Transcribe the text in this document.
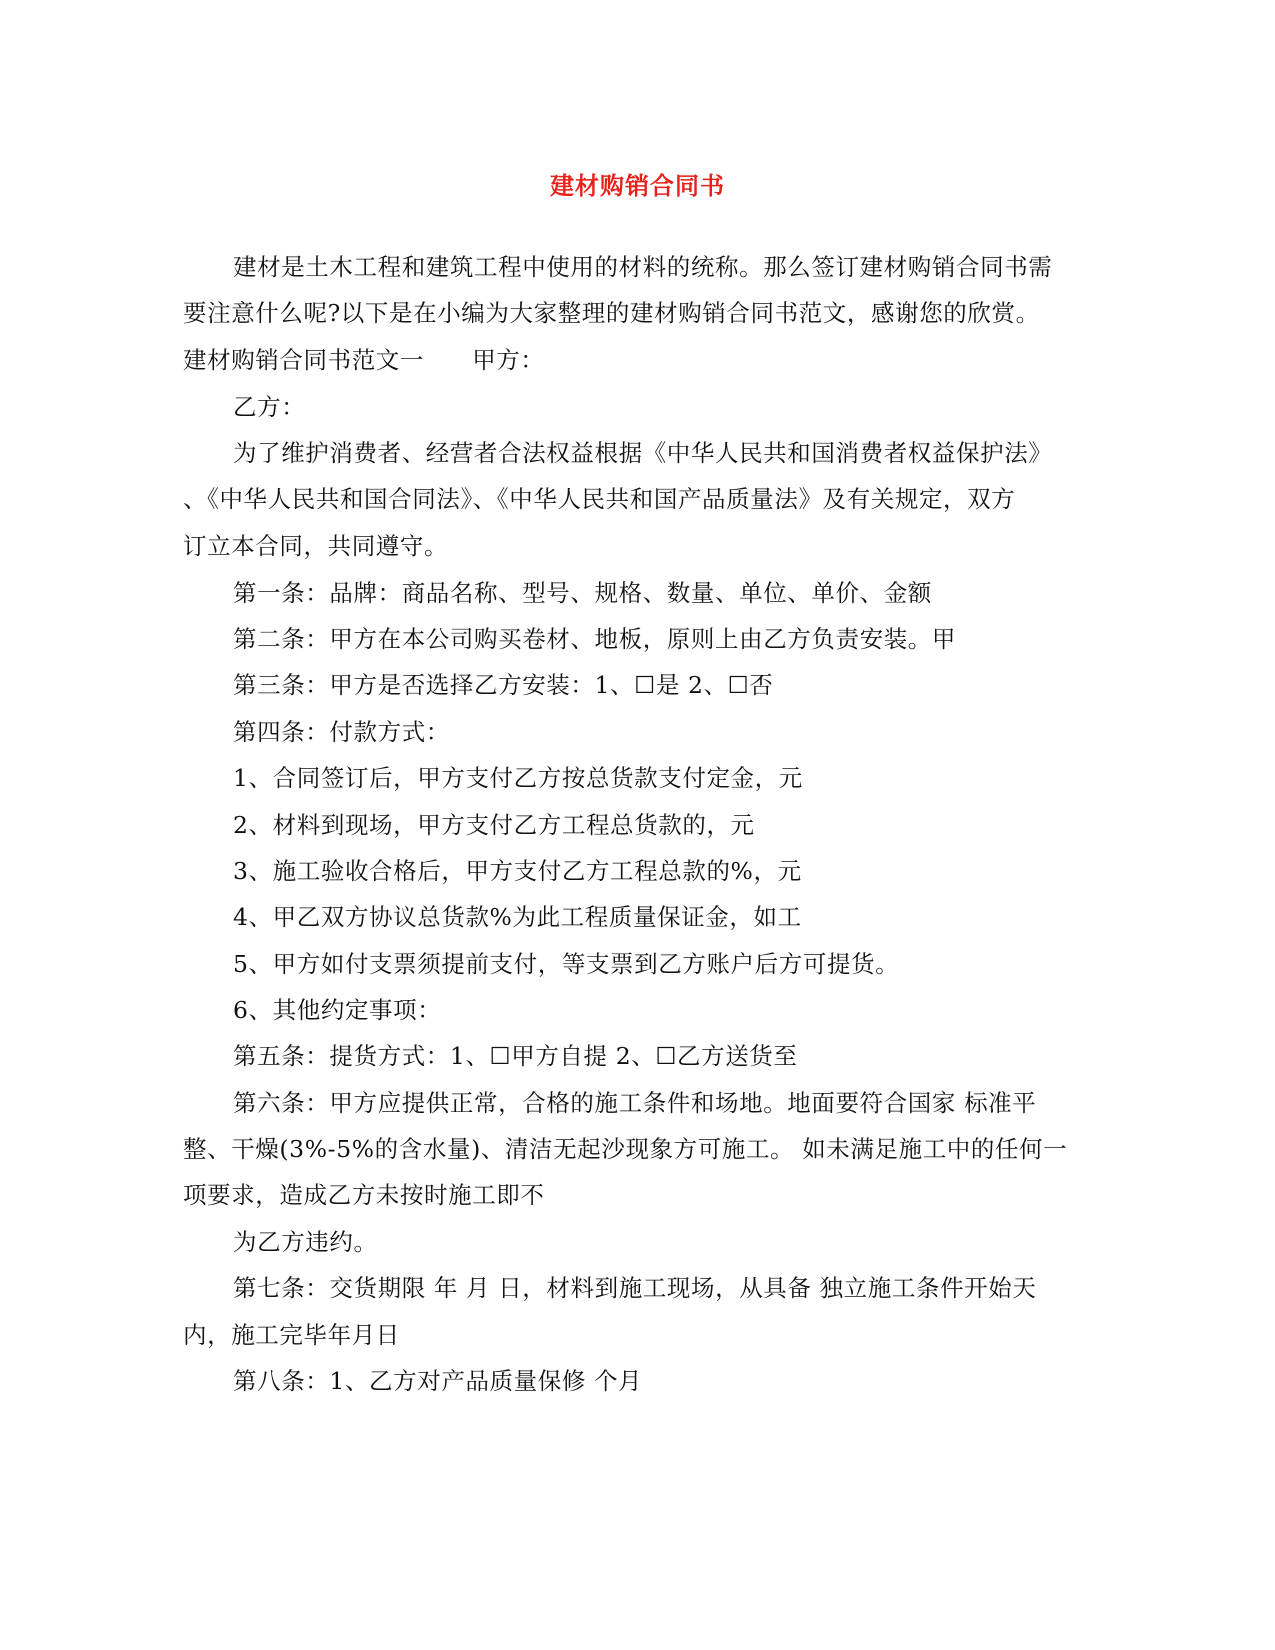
建材购销合同书
建材是土木工程和建筑工程中使用的材料的统称。那么签订建材购销合同书需
要注意什么呢?以下是在小编为大家整理的建材购销合同书范文，感谢您的欣赏。
建材购销合同书范文一　　甲方：
乙方：
为了维护消费者、经营者合法权益根据《中华人民共和国消费者权益保护法》
、《中华人民共和国合同法》、《中华人民共和国产品质量法》及有关规定，双方
订立本合同，共同遵守。
第一条：品牌：商品名称、型号、规格、数量、单位、单价、金额
第二条：甲方在本公司购买卷材、地板，原则上由乙方负责安装。甲
第三条：甲方是否选择乙方安装：1、☐是 2、☐否
第四条：付款方式：
1、合同签订后，甲方支付乙方按总货款支付定金，元
2、材料到现场，甲方支付乙方工程总货款的，元
3、施工验收合格后，甲方支付乙方工程总款的%，元
4、甲乙双方协议总货款%为此工程质量保证金，如工
5、甲方如付支票须提前支付，等支票到乙方账户后方可提货。
6、其他约定事项：
第五条：提货方式：1、☐甲方自提 2、☐乙方送货至
第六条：甲方应提供正常，合格的施工条件和场地。地面要符合国家 标准平
整、干燥(3%-5%的含水量)、清洁无起沙现象方可施工。 如未满足施工中的任何一
项要求，造成乙方未按时施工即不
为乙方违约。
第七条：交货期限 年 月 日，材料到施工现场，从具备 独立施工条件开始天
内，施工完毕年月日
第八条：1、乙方对产品质量保修 个月
